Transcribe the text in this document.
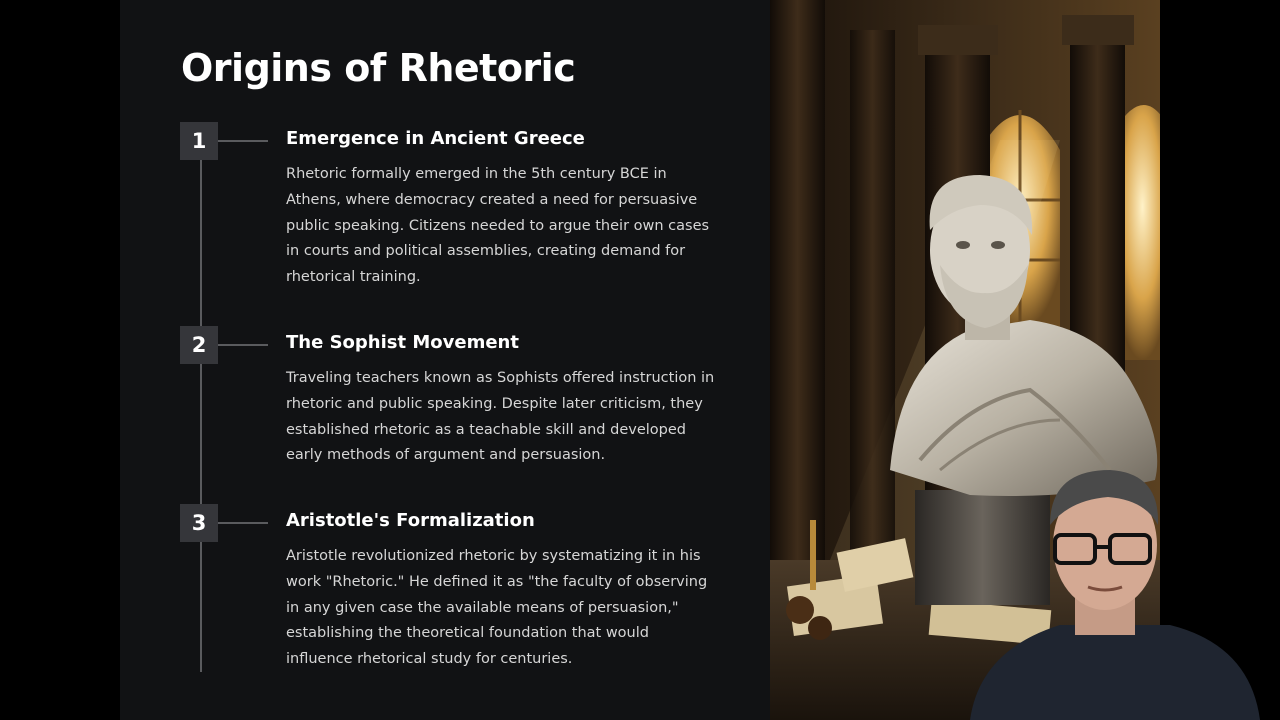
Origins of Rhetoric
1	Emergence in Ancient Greece

Rhetoric formally emerged in the 5th century BCE in Athens, where democracy created a need for persuasive public speaking. Citizens needed to argue their own cases in courts and political assemblies, creating demand for rhetorical training.

2	The Sophist Movement

Traveling teachers known as Sophists offered instruction in rhetoric and public speaking. Despite later criticism, they established rhetoric as a teachable skill and developed early methods of argument and persuasion.

3	Aristotle's Formalization

Aristotle revolutionized rhetoric by systematizing it in his work "Rhetoric." He defined it as "the faculty of observing in any given case the available means of persuasion," establishing the theoretical foundation that would influence rhetorical study for centuries.
